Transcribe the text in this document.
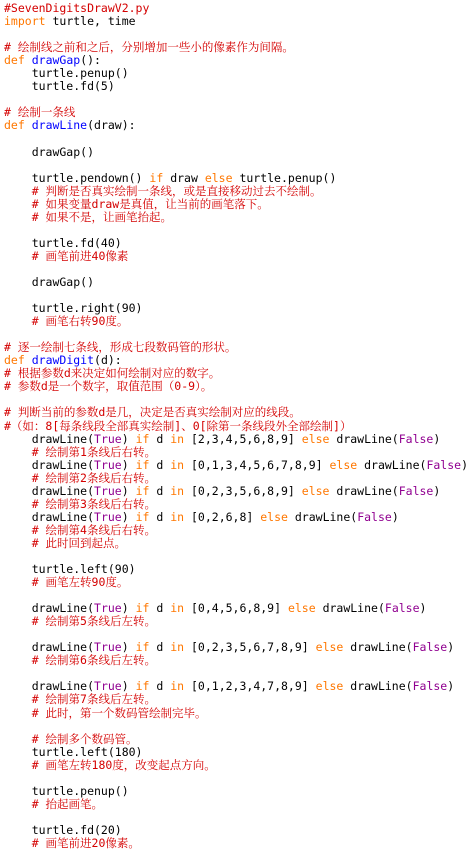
#SevenDigitsDrawV2.py
import turtle, time

# 绘制线之前和之后，分别增加一些小的像素作为间隔。
def drawGap():
turtle.penup()
turtle.fd(5)

# 绘制一条线
def drawLine(draw):

drawGap()

turtle.pendown() if draw else turtle.penup()
# 判断是否真实绘制一条线，或是直接移动过去不绘制。
# 如果变量draw是真值，让当前的画笔落下。
# 如果不是，让画笔抬起。

turtle.fd(40)
# 画笔前进40像素

drawGap()

turtle.right(90)
# 画笔右转90度。

# 逐一绘制七条线，形成七段数码管的形状。
def drawDigit(d):
# 根据参数d来决定如何绘制对应的数字。
# 参数d是一个数字，取值范围（0-9）。

# 判断当前的参数d是几，决定是否真实绘制对应的线段。
#（如：8[每条线段全部真实绘制]、0[除第一条线段外全部绘制]）
drawLine(True) if d in [2,3,4,5,6,8,9] else drawLine(False)
# 绘制第1条线后右转。
drawLine(True) if d in [0,1,3,4,5,6,7,8,9] else drawLine(False)
# 绘制第2条线后右转。
drawLine(True) if d in [0,2,3,5,6,8,9] else drawLine(False)
# 绘制第3条线后右转。
drawLine(True) if d in [0,2,6,8] else drawLine(False)
# 绘制第4条线后右转。
# 此时回到起点。

turtle.left(90)
# 画笔左转90度。

drawLine(True) if d in [0,4,5,6,8,9] else drawLine(False)
# 绘制第5条线后左转。

drawLine(True) if d in [0,2,3,5,6,7,8,9] else drawLine(False)
# 绘制第6条线后左转。

drawLine(True) if d in [0,1,2,3,4,7,8,9] else drawLine(False)
# 绘制第7条线后左转。
# 此时，第一个数码管绘制完毕。

# 绘制多个数码管。
turtle.left(180)
# 画笔左转180度，改变起点方向。

turtle.penup()
# 抬起画笔。

turtle.fd(20)
# 画笔前进20像素。
